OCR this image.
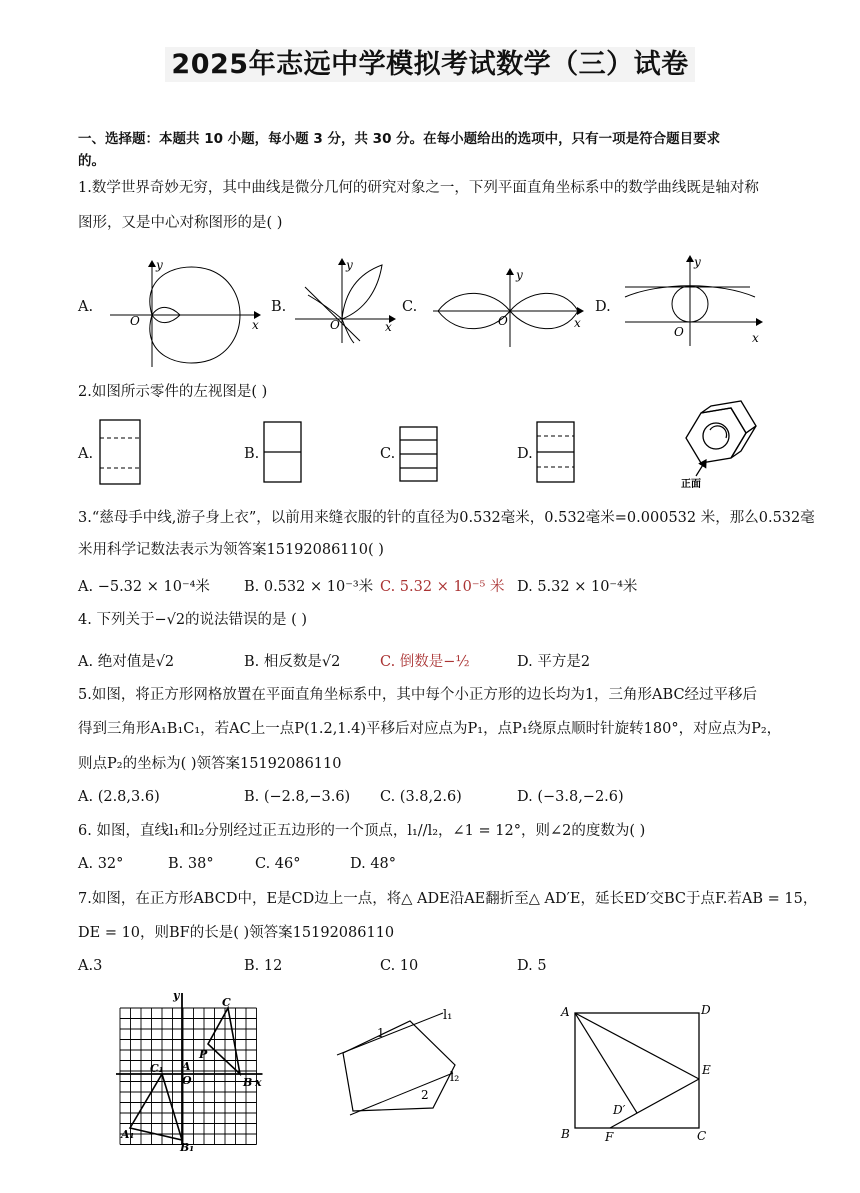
2025年志远中学模拟考试数学（三）试卷
一、选择题：本题共 10 小题，每小题 3 分，共 30 分。在每小题给出的选项中，只有一项是符合题目要求
的。
1.数学世界奇妙无穷，其中曲线是微分几何的研究对象之一，下列平面直角坐标系中的数学曲线既是轴对称
图形，又是中心对称图形的是( )
A.	B.	C.	D.
y
x
O
y
x
O
y
x
O
y
x
O
2.如图所示零件的左视图是( )
A.	B.	C.	D.
正面
3.“慈母手中线,游子身上衣”，以前用来缝衣服的针的直径为0.532毫米，0.532毫米=0.000532 米，那么0.532毫
米用科学记数法表示为领答案15192086110( )
A. −5.32 × 10⁻⁴米 B. 0.532 × 10⁻³米 C. 5.32 × 10⁻⁵ 米 D. 5.32 × 10⁻⁴米
4. 下列关于−√2的说法错误的是 ( )
A. 绝对值是√2	B. 相反数是√2	C. 倒数是−½	D. 平方是2
5.如图，将正方形网格放置在平面直角坐标系中，其中每个小正方形的边长均为1，三角形ABC经过平移后
得到三角形A₁B₁C₁，若AC上一点P(1.2,1.4)平移后对应点为P₁，点P₁绕原点顺时针旋转180°，对应点为P₂，
则点P₂的坐标为( )领答案15192086110
A. (2.8,3.6)	B. (−2.8,−3.6) C. (3.8,2.6)	D. (−3.8,−2.6)
6. 如图，直线l₁和l₂分别经过正五边形的一个顶点，l₁//l₂，∠1 = 12°，则∠2的度数为( )
A. 32°	B. 38°	C. 46°	D. 48°
7.如图，在正方形ABCD中，E是CD边上一点，将△ ADE沿AE翻折至△ AD′E，延长ED′交BC于点F.若AB = 15，
DE = 10，则BF的长是( )领答案15192086110
A.3	B. 12	C. 10	D. 5
y
x
C
A
O
P
B
C₁
A₁
B₁
l₁
l₂
1
2
A	D
E
B	C
F
D′
